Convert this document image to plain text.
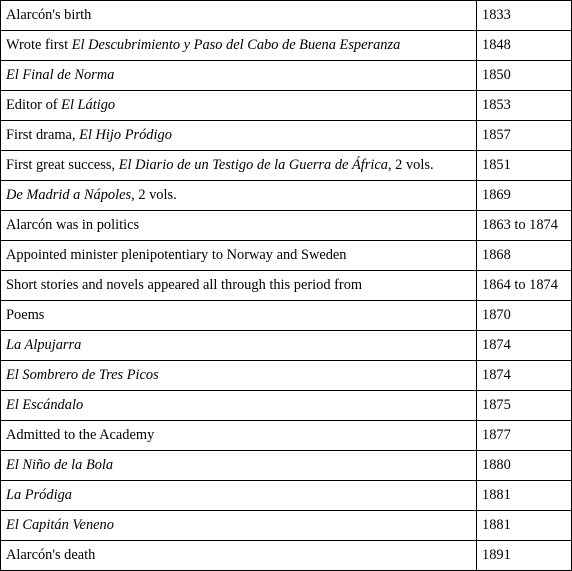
Alarcón's birth	1833
Wrote first El Descubrimiento y Paso del Cabo de Buena Esperanza	1848
El Final de Norma	1850
Editor of El Látigo	1853
First drama, El Hijo Pródigo	1857
First great success, El Diario de un Testigo de la Guerra de África, 2 vols.	1851
De Madrid a Nápoles, 2 vols.	1869
Alarcón was in politics	1863 to 1874
Appointed minister plenipotentiary to Norway and Sweden	1868
Short stories and novels appeared all through this period from	1864 to 1874
Poems	1870
La Alpujarra	1874
El Sombrero de Tres Picos	1874
El Escándalo	1875
Admitted to the Academy	1877
El Niño de la Bola	1880
La Pródiga	1881
El Capitán Veneno	1881
Alarcón's death	1891
